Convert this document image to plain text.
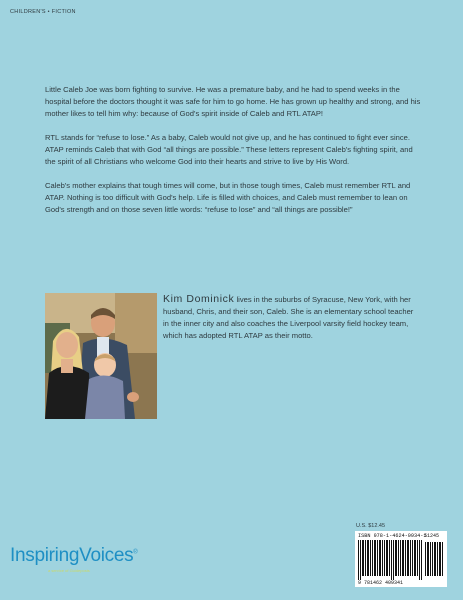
CHILDREN'S • FICTION

Little Caleb Joe was born fighting to survive. He was a premature baby, and he had to spend weeks in the hospital before the doctors thought it was safe for him to go home. He has grown up healthy and strong, and his mother likes to tell him why: because of God's spirit inside of Caleb and RTL ATAP!

RTL stands for “refuse to lose.” As a baby, Caleb would not give up, and he has continued to fight ever since. ATAP reminds Caleb that with God “all things are possible.” These letters represent Caleb's fighting spirit, and the spirit of all Christians who welcome God into their hearts and strive to live by His Word.

Caleb's mother explains that tough times will come, but in those tough times, Caleb must remember RTL and ATAP. Nothing is too difficult with God's help. Life is filled with choices, and Caleb must remember to lean on God's strength and on those seven little words: “refuse to lose” and “all things are possible!”

Kim Dominick lives in the suburbs of Syracuse, New York, with her husband, Chris, and their son, Caleb. She is an elementary school teacher in the inner city and also coaches the Liverpool varsity field hockey team, which has adopted RTL ATAP as their motto.
U.S. $12.45
ISBN 978-1-4624-0934-1
9 781462 409341
51245
InspiringVoices®
a service of Guideposts
